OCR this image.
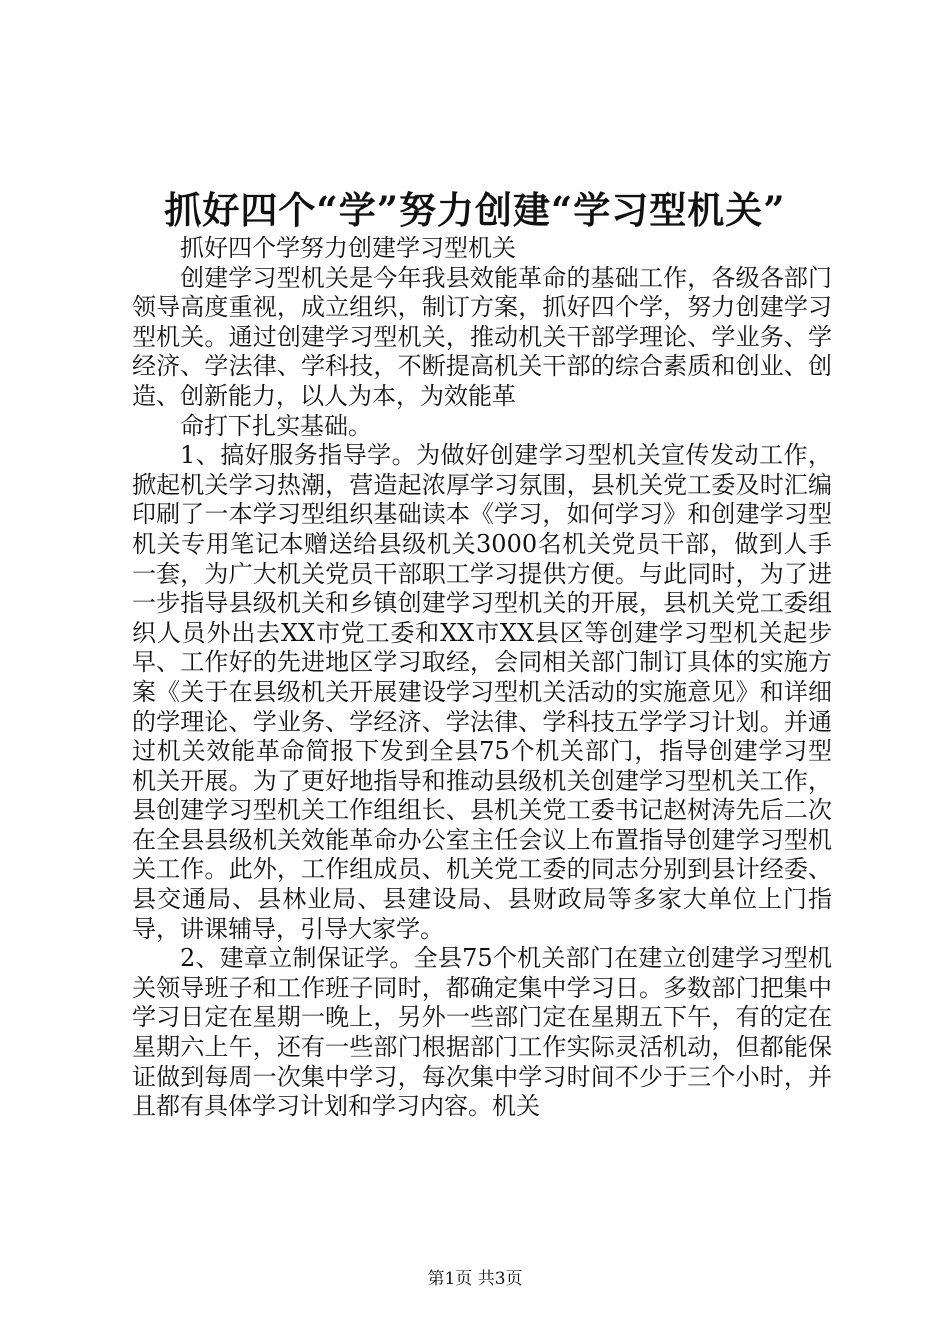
抓好四个“学”努力创建“学习型机关”

抓好四个学努力创建学习型机关

创建学习型机关是今年我县效能革命的基础工作，各级各部门领导高度重视，成立组织，制订方案，抓好四个学，努力创建学习型机关。通过创建学习型机关，推动机关干部学理论、学业务、学经济、学法律、学科技，不断提高机关干部的综合素质和创业、创造、创新能力，以人为本，为效能革

命打下扎实基础。

1、搞好服务指导学。为做好创建学习型机关宣传发动工作，掀起机关学习热潮，营造起浓厚学习氛围，县机关党工委及时汇编印刷了一本学习型组织基础读本《学习，如何学习》和创建学习型机关专用笔记本赠送给县级机关3000名机关党员干部，做到人手一套，为广大机关党员干部职工学习提供方便。与此同时，为了进一步指导县级机关和乡镇创建学习型机关的开展，县机关党工委组织人员外出去XX市党工委和XX市XX县区等创建学习型机关起步早、工作好的先进地区学习取经，会同相关部门制订具体的实施方案《关于在县级机关开展建设学习型机关活动的实施意见》和详细的学理论、学业务、学经济、学法律、学科技五学学习计划。并通过机关效能革命简报下发到全县75个机关部门，指导创建学习型机关开展。为了更好地指导和推动县级机关创建学习型机关工作，县创建学习型机关工作组组长、县机关党工委书记赵树涛先后二次在全县县级机关效能革命办公室主任会议上布置指导创建学习型机关工作。此外，工作组成员、机关党工委的同志分别到县计经委、县交通局、县林业局、县建设局、县财政局等多家大单位上门指导，讲课辅导，引导大家学。

2、建章立制保证学。全县75个机关部门在建立创建学习型机关领导班子和工作班子同时，都确定集中学习日。多数部门把集中学习日定在星期一晚上，另外一些部门定在星期五下午，有的定在星期六上午，还有一些部门根据部门工作实际灵活机动，但都能保证做到每周一次集中学习，每次集中学习时间不少于三个小时，并且都有具体学习计划和学习内容。机关

第1页 共3页
